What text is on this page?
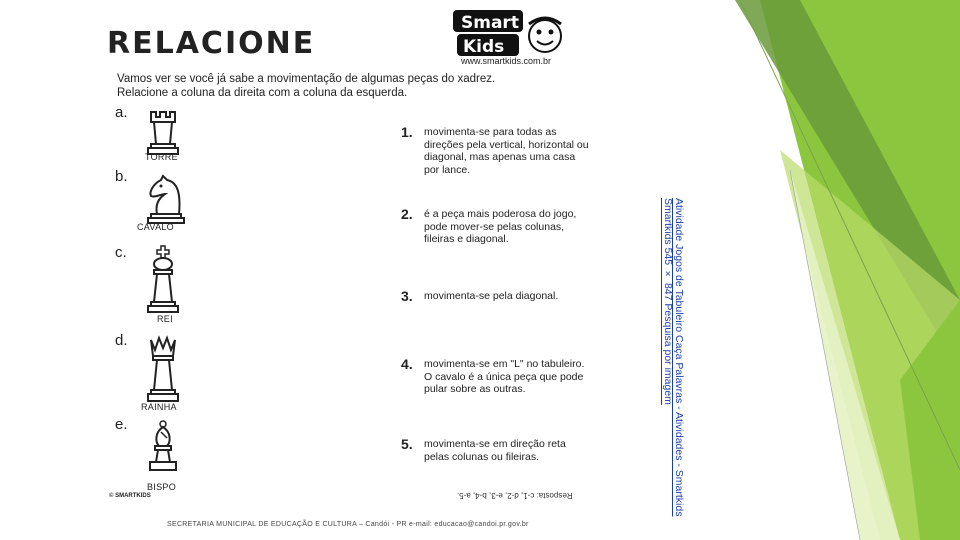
RELACIONE
Smart
Kids
www.smartkids.com.br
Vamos ver se você já sabe a movimentação de algumas peças do xadrez.
Relacione a coluna da direita com a coluna da esquerda.
a.
TORRE
b.
CAVALO
c.
REI
d.
RAINHA
e.
BISPO
1. movimenta-se para todas as direções pela vertical, horizontal ou diagonal, mas apenas uma casa por lance.
2. é a peça mais poderosa do jogo, pode mover-se pelas colunas, fileiras e diagonal.
3. movimenta-se pela diagonal.
4. movimenta-se em "L" no tabuleiro. O cavalo é a única peça que pode pular sobre as outras.
5. movimenta-se em direção reta pelas colunas ou fileiras.
© SMARTKIDS	Resposta: c-1, d-2, e-3, b-4, a-5.
SECRETARIA MUNICIPAL DE EDUCAÇÃO E CULTURA – Candói - PR e-mail: educacao@candoi.pr.gov.br
Atividade Jogos de Tabuleiro Caça Palavras - Atividades - Smartkids Smartkids 545 × 847 Pesquisa por imagem
